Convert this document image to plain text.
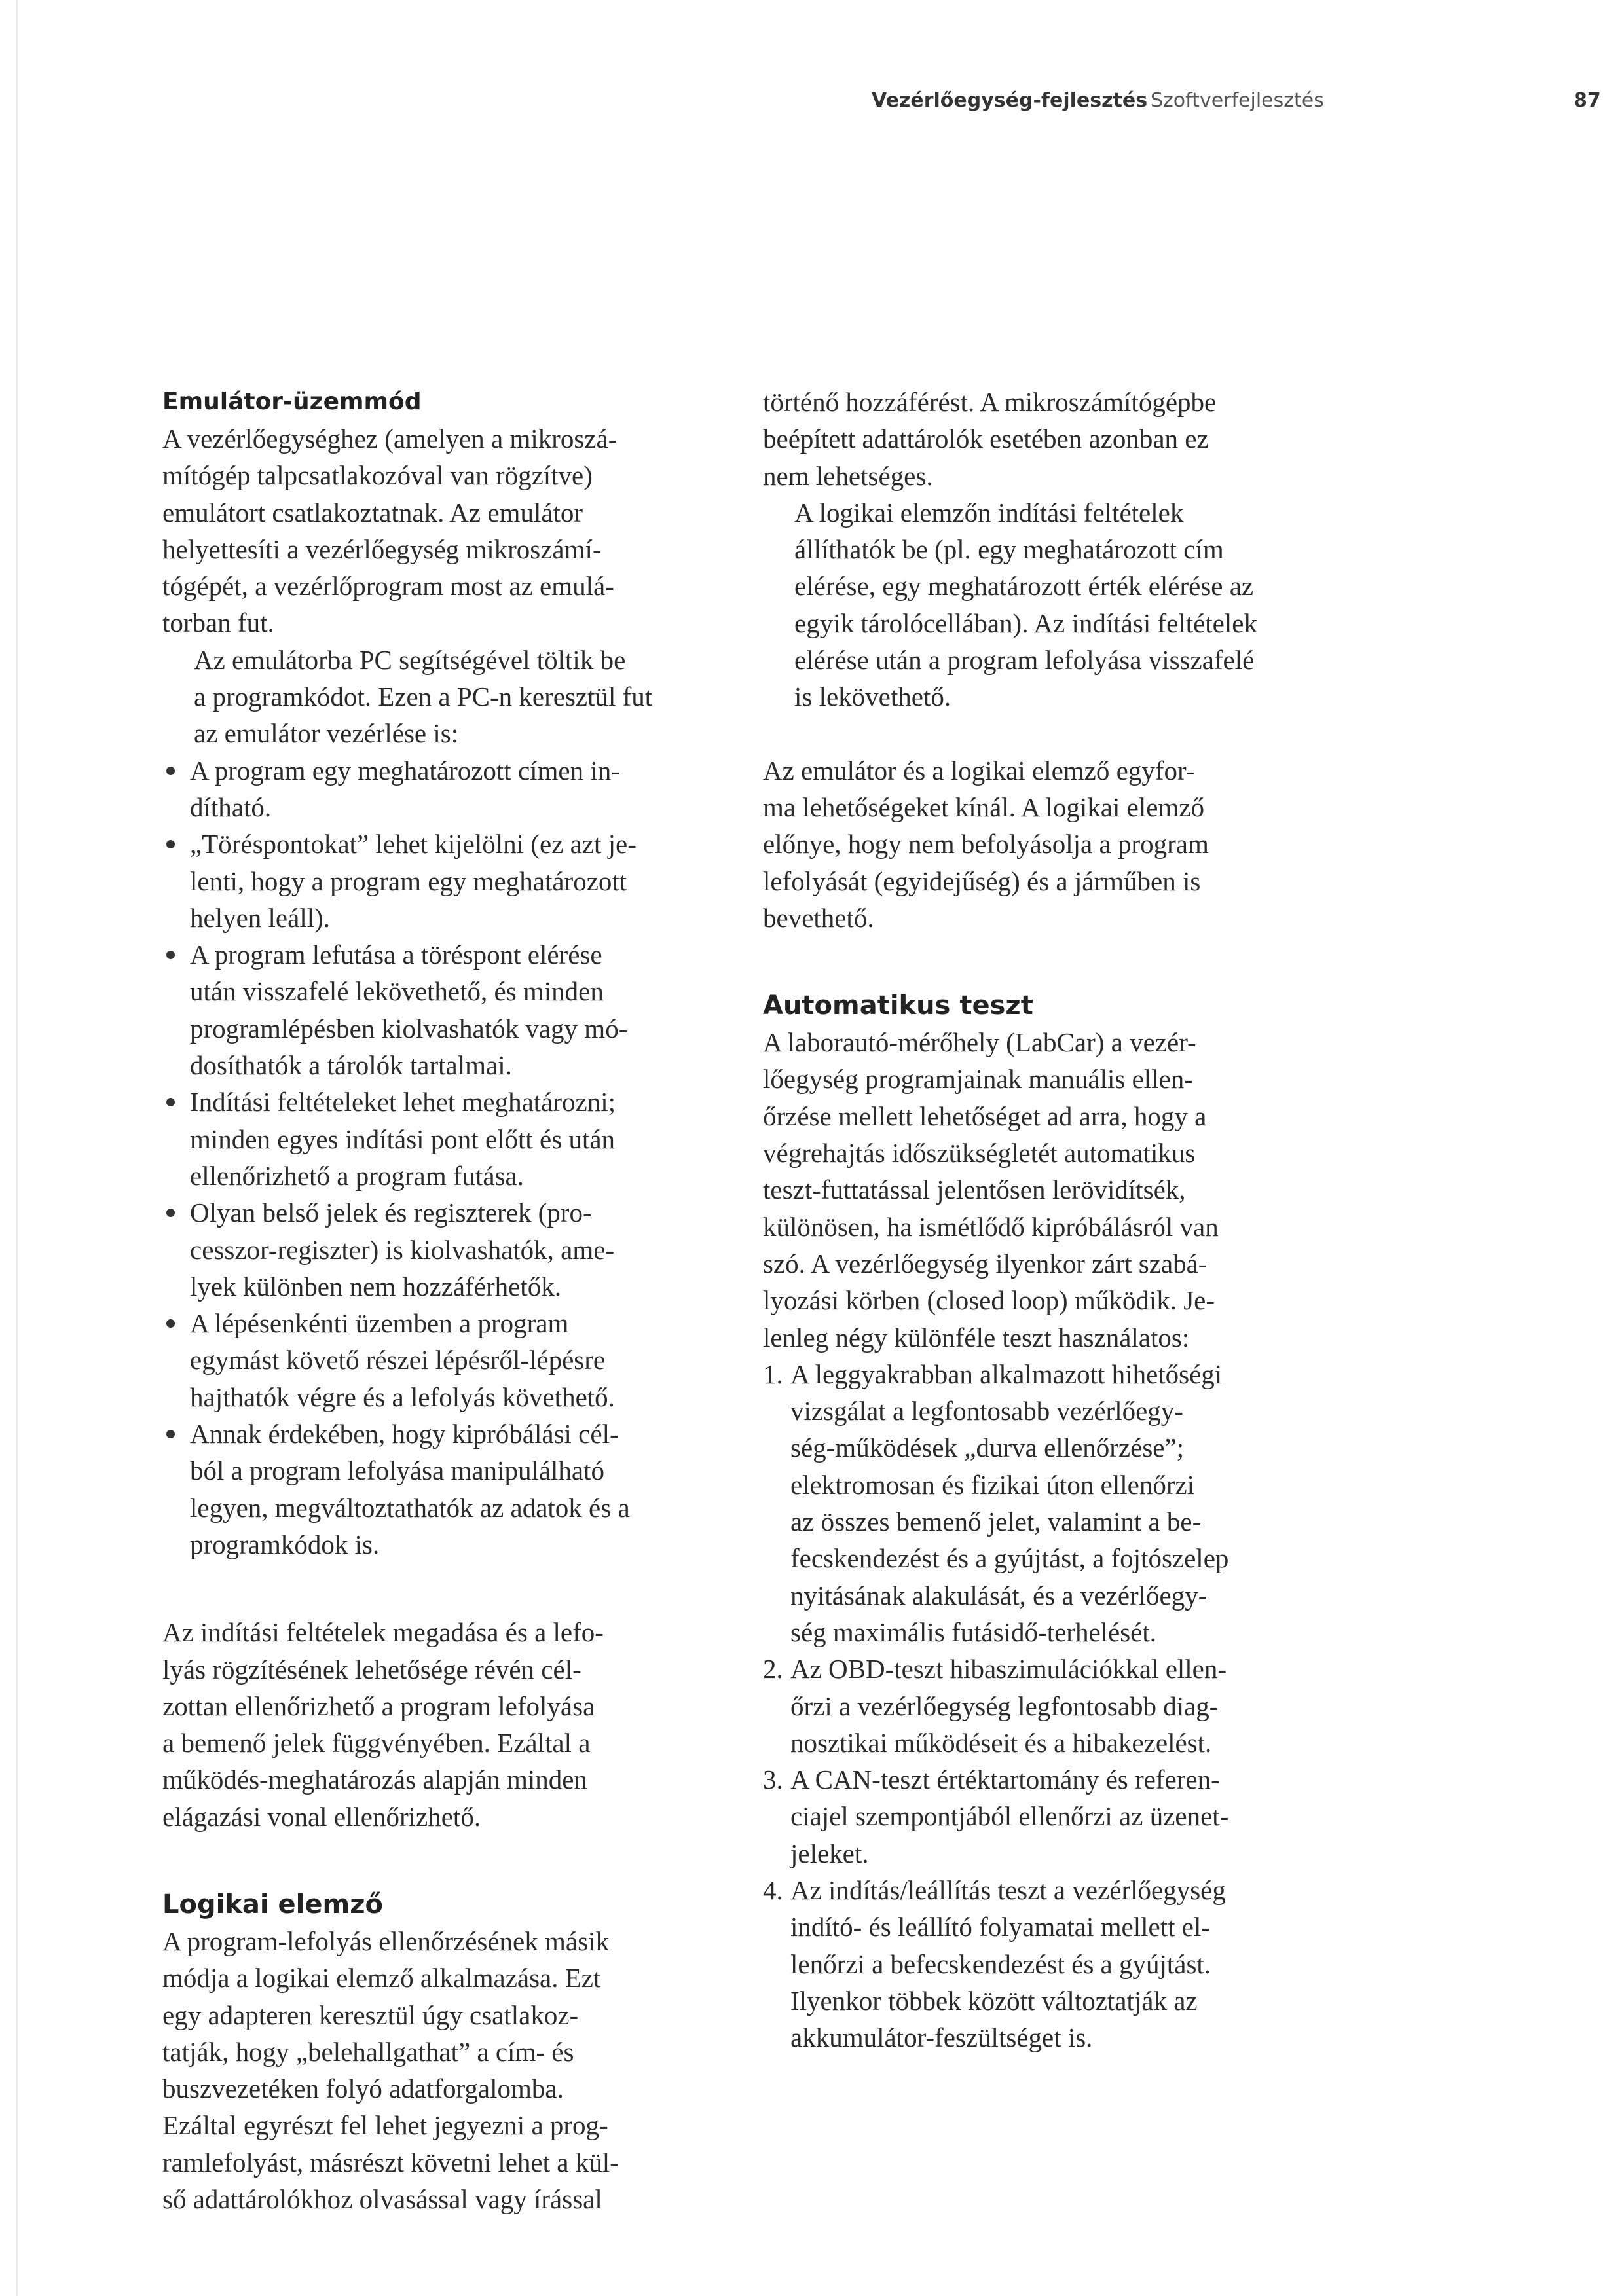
Vezérlőegység-fejlesztés Szoftverfejlesztés	87
Emulátor-üzemmód

A vezérlőegységhez (amelyen a mikroszá-
mítógép talpcsatlakozóval van rögzítve)
emulátort csatlakoztatnak. Az emulátor
helyettesíti a vezérlőegység mikroszámí-
tógépét, a vezérlőprogram most az emulá-
torban fut.

Az emulátorba PC segítségével töltik be
a programkódot. Ezen a PC-n keresztül fut
az emulátor vezérlése is:

A program egy meghatározott címen in-
dítható.
„Töréspontokat” lehet kijelölni (ez azt je-
lenti, hogy a program egy meghatározott
helyen leáll).
A program lefutása a töréspont elérése
után visszafelé lekövethető, és minden
programlépésben kiolvashatók vagy mó-
dosíthatók a tárolók tartalmai.
Indítási feltételeket lehet meghatározni;
minden egyes indítási pont előtt és után
ellenőrizhető a program futása.
Olyan belső jelek és regiszterek (pro-
cesszor-regiszter) is kiolvashatók, ame-
lyek különben nem hozzáférhetők.
A lépésenkénti üzemben a program
egymást követő részei lépésről-lépésre
hajthatók végre és a lefolyás követhető.
Annak érdekében, hogy kipróbálási cél-
ból a program lefolyása manipulálható
legyen, megváltoztathatók az adatok és a
programkódok is.

Az indítási feltételek megadása és a lefo-
lyás rögzítésének lehetősége révén cél-
zottan ellenőrizhető a program lefolyása
a bemenő jelek függvényében. Ezáltal a
működés-meghatározás alapján minden
elágazási vonal ellenőrizhető.

Logikai elemző

A program-lefolyás ellenőrzésének másik
módja a logikai elemző alkalmazása. Ezt
egy adapteren keresztül úgy csatlakoz-
tatják, hogy „belehallgathat” a cím- és
buszvezetéken folyó adatforgalomba.
Ezáltal egyrészt fel lehet jegyezni a prog-
ramlefolyást, másrészt követni lehet a kül-
ső adattárolókhoz olvasással vagy írással

történő hozzáférést. A mikroszámítógépbe
beépített adattárolók esetében azonban ez
nem lehetséges.

A logikai elemzőn indítási feltételek
állíthatók be (pl. egy meghatározott cím
elérése, egy meghatározott érték elérése az
egyik tárolócellában). Az indítási feltételek
elérése után a program lefolyása visszafelé
is lekövethető.

Az emulátor és a logikai elemző egyfor-
ma lehetőségeket kínál. A logikai elemző
előnye, hogy nem befolyásolja a program
lefolyását (egyidejűség) és a járműben is
bevethető.

Automatikus teszt

A laborautó-mérőhely (LabCar) a vezér-
lőegység programjainak manuális ellen-
őrzése mellett lehetőséget ad arra, hogy a
végrehajtás időszükségletét automatikus
teszt-futtatással jelentősen lerövidítsék,
különösen, ha ismétlődő kipróbálásról van
szó. A vezérlőegység ilyenkor zárt szabá-
lyozási körben (closed loop) működik. Je-
lenleg négy különféle teszt használatos:

1. A leggyakrabban alkalmazott hihetőségi
vizsgálat a legfontosabb vezérlőegy-
ség-működések „durva ellenőrzése”;
elektromosan és fizikai úton ellenőrzi
az összes bemenő jelet, valamint a be-
fecskendezést és a gyújtást, a fojtószelep
nyitásának alakulását, és a vezérlőegy-
ség maximális futásidő-terhelését.
2. Az OBD-teszt hibaszimulációkkal ellen-
őrzi a vezérlőegység legfontosabb diag-
nosztikai működéseit és a hibakezelést.
3. A CAN-teszt értéktartomány és referen-
ciajel szempontjából ellenőrzi az üzenet-
jeleket.
4. Az indítás/leállítás teszt a vezérlőegység
indító- és leállító folyamatai mellett el-
lenőrzi a befecskendezést és a gyújtást.
Ilyenkor többek között változtatják az
akkumulátor-feszültséget is.
